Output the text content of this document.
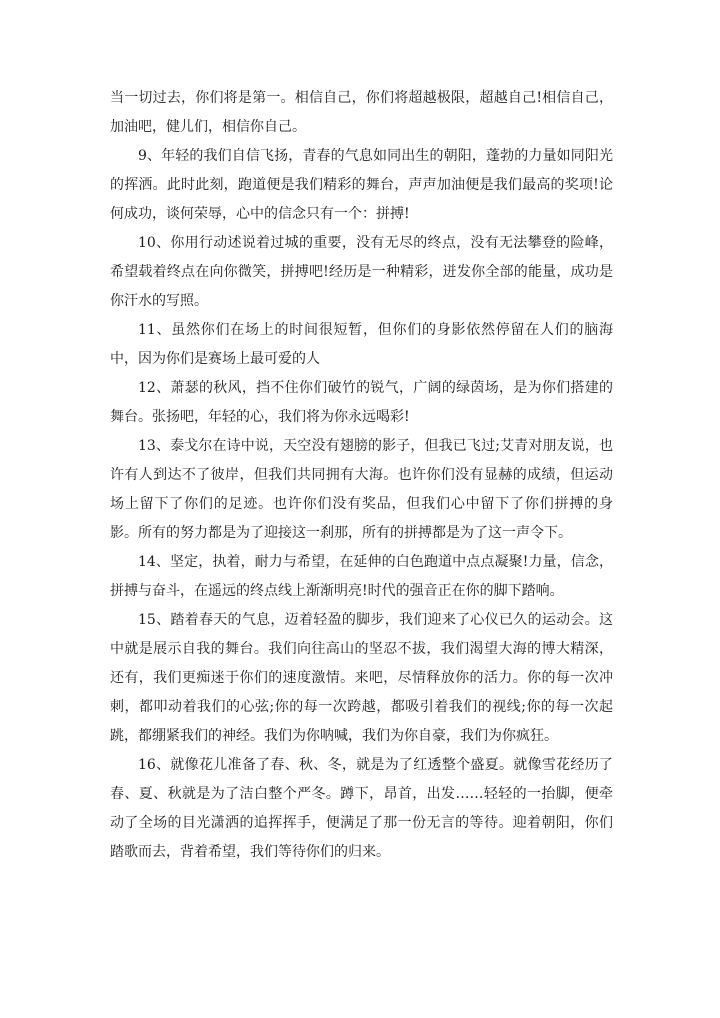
当一切过去，你们将是第一。相信自己，你们将超越极限，超越自己!相信自己，加油吧，健儿们，相信你自己。

9、年轻的我们自信飞扬，青春的气息如同出生的朝阳，蓬勃的力量如同阳光的挥洒。此时此刻，跑道便是我们精彩的舞台，声声加油便是我们最高的奖项!论何成功，谈何荣辱，心中的信念只有一个：拼搏!

10、你用行动述说着过城的重要，没有无尽的终点，没有无法攀登的险峰，希望载着终点在向你微笑，拼搏吧!经历是一种精彩，迸发你全部的能量，成功是你汗水的写照。

11、虽然你们在场上的时间很短暂，但你们的身影依然停留在人们的脑海中，因为你们是赛场上最可爱的人

12、萧瑟的秋风，挡不住你们破竹的锐气，广阔的绿茵场，是为你们搭建的舞台。张扬吧，年轻的心，我们将为你永远喝彩!

13、泰戈尔在诗中说，天空没有翅膀的影子，但我已飞过;艾青对朋友说，也许有人到达不了彼岸，但我们共同拥有大海。也许你们没有显赫的成绩，但运动场上留下了你们的足迹。也许你们没有奖品，但我们心中留下了你们拼搏的身影。所有的努力都是为了迎接这一刹那，所有的拼搏都是为了这一声令下。

14、坚定，执着，耐力与希望，在延伸的白色跑道中点点凝聚!力量，信念，拼搏与奋斗，在遥远的终点线上渐渐明亮!时代的强音正在你的脚下踏响。

15、踏着春天的气息，迈着轻盈的脚步，我们迎来了心仪已久的运动会。这中就是展示自我的舞台。我们向往高山的坚忍不拔，我们渴望大海的博大精深，还有，我们更痴迷于你们的速度激情。来吧，尽情释放你的活力。你的每一次冲刺，都叩动着我们的心弦;你的每一次跨越，都吸引着我们的视线;你的每一次起跳，都绷紧我们的神经。我们为你呐喊，我们为你自豪，我们为你疯狂。

16、就像花儿准备了春、秋、冬，就是为了红透整个盛夏。就像雪花经历了春、夏、秋就是为了洁白整个严冬。蹲下，昂首，出发……轻轻的一抬脚，便牵动了全场的目光潇洒的追挥挥手，便满足了那一份无言的等待。迎着朝阳，你们踏歌而去，背着希望，我们等待你们的归来。
